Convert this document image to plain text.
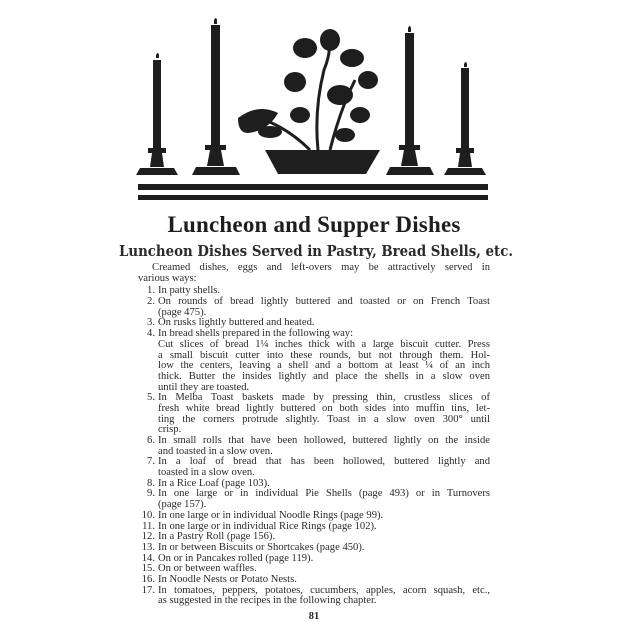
Luncheon and Supper Dishes
Luncheon Dishes Served in Pastry, Bread Shells, etc.
Creamed dishes, eggs and left-overs may be attractively served in
various ways:
1. In patty shells.
2. On rounds of bread lightly buttered and toasted or on French Toast
(page 475).
3. On rusks lightly buttered and heated.
4. In bread shells prepared in the following way:
Cut slices of bread 1¼ inches thick with a large biscuit cutter. Press
a small biscuit cutter into these rounds, but not through them. Hol-
low the centers, leaving a shell and a bottom at least ¼ of an inch
thick. Butter the insides lightly and place the shells in a slow oven
until they are toasted.
5. In Melba Toast baskets made by pressing thin, crustless slices of
fresh white bread lightly buttered on both sides into muffin tins, let-
ting the corners protrude slightly. Toast in a slow oven 300° until
crisp.
6. In small rolls that have been hollowed, buttered lightly on the inside
and toasted in a slow oven.
7. In a loaf of bread that has been hollowed, buttered lightly and
toasted in a slow oven.
8. In a Rice Loaf (page 103).
9. In one large or in individual Pie Shells (page 493) or in Turnovers
(page 157).
10. In one large or in individual Noodle Rings (page 99).
11. In one large or in individual Rice Rings (page 102).
12. In a Pastry Roll (page 156).
13. In or between Biscuits or Shortcakes (page 450).
14. On or in Pancakes rolled (page 119).
15. On or between waffles.
16. In Noodle Nests or Potato Nests.
17. In tomatoes, peppers, potatoes, cucumbers, apples, acorn squash, etc.,
as suggested in the recipes in the following chapter.
81
